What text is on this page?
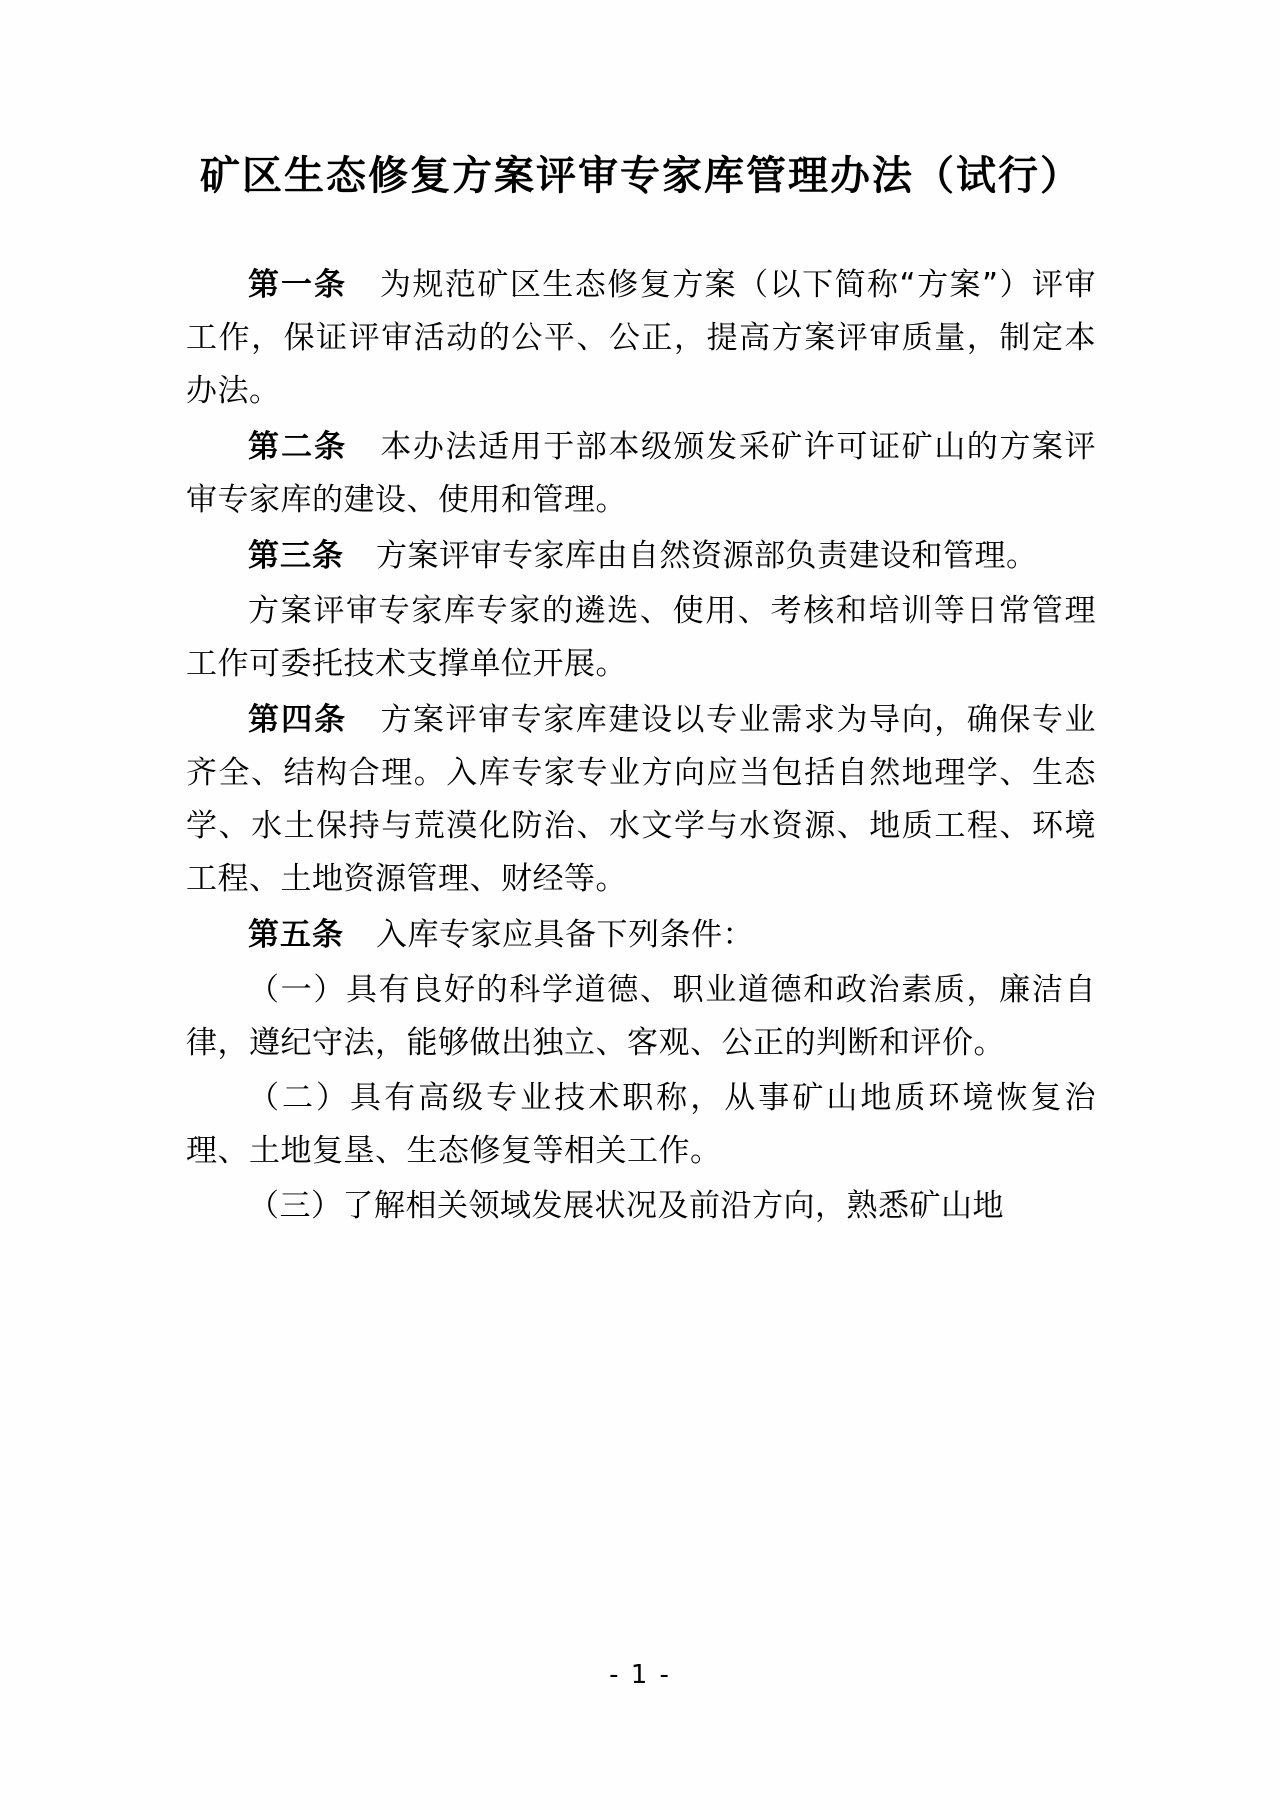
矿区生态修复方案评审专家库管理办法（试行）

第一条 为规范矿区生态修复方案（以下简称“方案”）评审工作，保证评审活动的公平、公正，提高方案评审质量，制定本办法。

第二条 本办法适用于部本级颁发采矿许可证矿山的方案评审专家库的建设、使用和管理。

第三条 方案评审专家库由自然资源部负责建设和管理。

方案评审专家库专家的遴选、使用、考核和培训等日常管理工作可委托技术支撑单位开展。

第四条 方案评审专家库建设以专业需求为导向，确保专业齐全、结构合理。入库专家专业方向应当包括自然地理学、生态学、水土保持与荒漠化防治、水文学与水资源、地质工程、环境工程、土地资源管理、财经等。

第五条 入库专家应具备下列条件：

（一）具有良好的科学道德、职业道德和政治素质，廉洁自律，遵纪守法，能够做出独立、客观、公正的判断和评价。

（二）具有高级专业技术职称，从事矿山地质环境恢复治理、土地复垦、生态修复等相关工作。

（三）了解相关领域发展状况及前沿方向，熟悉矿山地

- 1 -
